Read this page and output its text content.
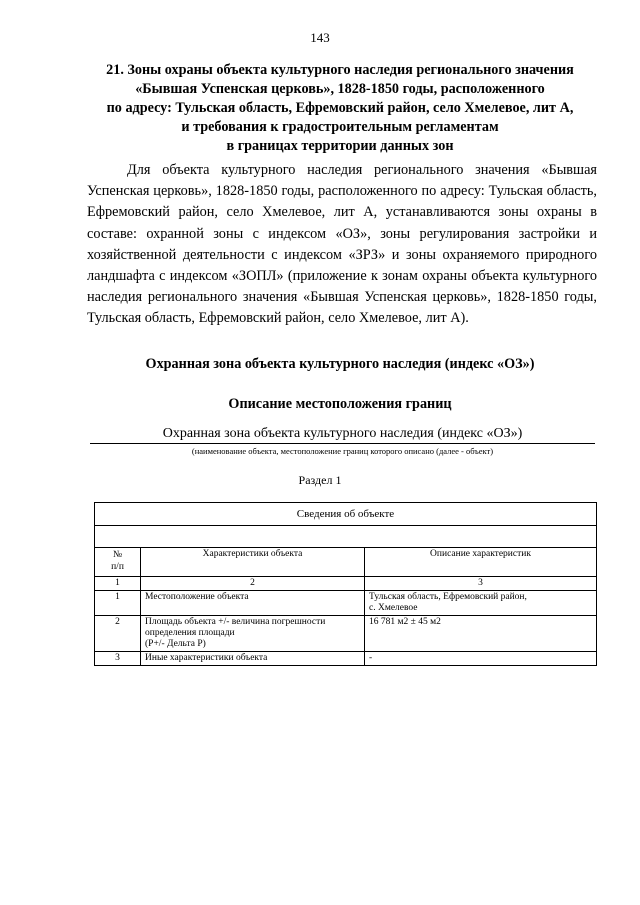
143
21. Зоны охраны объекта культурного наследия регионального значения
«Бывшая Успенская церковь», 1828-1850 годы, расположенного
по адресу: Тульская область, Ефремовский район, село Хмелевое, лит А,
и требования к градостроительным регламентам
в границах территории данных зон

Для объекта культурного наследия регионального значения «Бывшая Успенская церковь», 1828-1850 годы, расположенного по адресу: Тульская область, Ефремовский район, село Хмелевое, лит А, устанавливаются зоны охраны в составе: охранной зоны с индексом «ОЗ», зоны регулирования застройки и хозяйственной деятельности с индексом «ЗРЗ» и зоны охраняемого природного ландшафта с индексом «ЗОПЛ» (приложение к зонам охраны объекта культурного наследия регионального значения «Бывшая Успенская церковь», 1828-1850 годы, Тульская область, Ефремовский район, село Хмелевое, лит А).

Охранная зона объекта культурного наследия (индекс «ОЗ»)
Описание местоположения границ
Охранная зона объекта культурного наследия (индекс «ОЗ»)
(наименование объекта, местоположение границ которого описано (далее - объект)
Раздел 1
Сведения об объекте		

№
п/п	Характеристики объекта	Описание характеристик
1	2	3
1	Местоположение объекта	Тульская область, Ефремовский район,
с. Хмелевое
2	Площадь объекта +/- величина погрешности
определения площади
(Р+/- Дельта Р)	16 781 м2 ± 45 м2
3	Иные характеристики объекта	-
